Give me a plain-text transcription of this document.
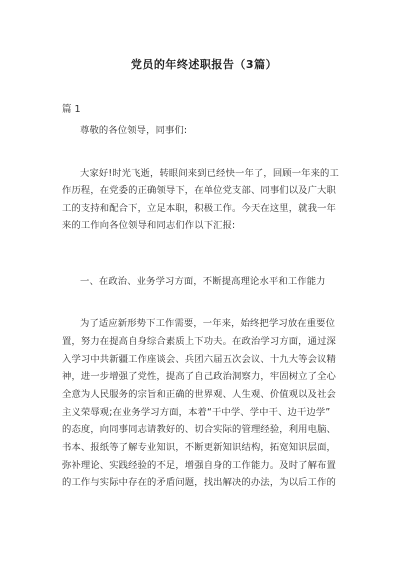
党员的年终述职报告（3篇）
篇 1
尊敬的各位领导，同事们:
大家好!时光飞逝，转眼间来到已经快一年了，回顾一年来的工
作历程，在党委的正确领导下，在单位党支部、同事们以及广大职
工的支持和配合下，立足本职，积极工作。今天在这里，就我一年
来的工作向各位领导和同志们作以下汇报:
一、在政治、业务学习方面，不断提高理论水平和工作能力
为了适应新形势下工作需要，一年来，始终把学习放在重要位
置，努力在提高自身综合素质上下功夫。在政治学习方面，通过深
入学习中共新疆工作座谈会、兵团六届五次会议、十九大等会议精
神，进一步增强了党性，提高了自己政治洞察力，牢固树立了全心
全意为人民服务的宗旨和正确的世界观、人生观、价值观以及社会
主义荣辱观;在业务学习方面，本着“干中学、学中干、边干边学”
的态度，向同事同志请教好的、切合实际的管理经验，利用电脑、
书本、报纸等了解专业知识，不断更新知识结构，拓宽知识层面，
弥补理论、实践经验的不足，增强自身的工作能力。及时了解布置
的工作与实际中存在的矛盾问题，找出解决的办法，为以后工作的
